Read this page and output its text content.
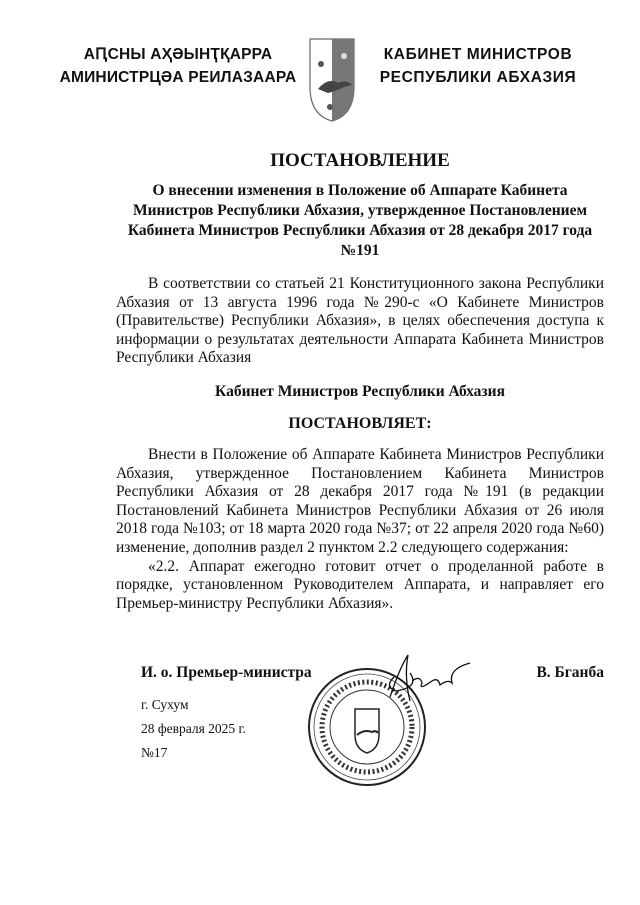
АԤСНЫ АҲӘЫНҬҚАРРА
АМИНИСТРЦӘА РЕИЛАЗААРА
КАБИНЕТ МИНИСТРОВ
РЕСПУБЛИКИ АБХАЗИЯ
ПОСТАНОВЛЕНИЕ
О внесении изменения в Положение об Аппарате Кабинета Министров Республики Абхазия, утвержденное Постановлением Кабинета Министров Республики Абхазия от 28 декабря 2017 года №191
В соответствии со статьей 21 Конституционного закона Республики Абхазия от 13 августа 1996 года №290-с «О Кабинете Министров (Правительстве) Республики Абхазия», в целях обеспечения доступа к информации о результатах деятельности Аппарата Кабинета Министров Республики Абхазия
Кабинет Министров Республики Абхазия
ПОСТАНОВЛЯЕТ:
Внести в Положение об Аппарате Кабинета Министров Республики Абхазия, утвержденное Постановлением Кабинета Министров Республики Абхазия от 28 декабря 2017 года №191 (в редакции Постановлений Кабинета Министров Республики Абхазия от 26 июля 2018 года №103; от 18 марта 2020 года №37; от 22 апреля 2020 года №60) изменение, дополнив раздел 2 пунктом 2.2 следующего содержания:
«2.2. Аппарат ежегодно готовит отчет о проделанной работе в порядке, установленном Руководителем Аппарата, и направляет его Премьер-министру Республики Абхазия».
И. о. Премьер-министра	В. Бганба
г. Сухум
28 февраля 2025 г.
№17
